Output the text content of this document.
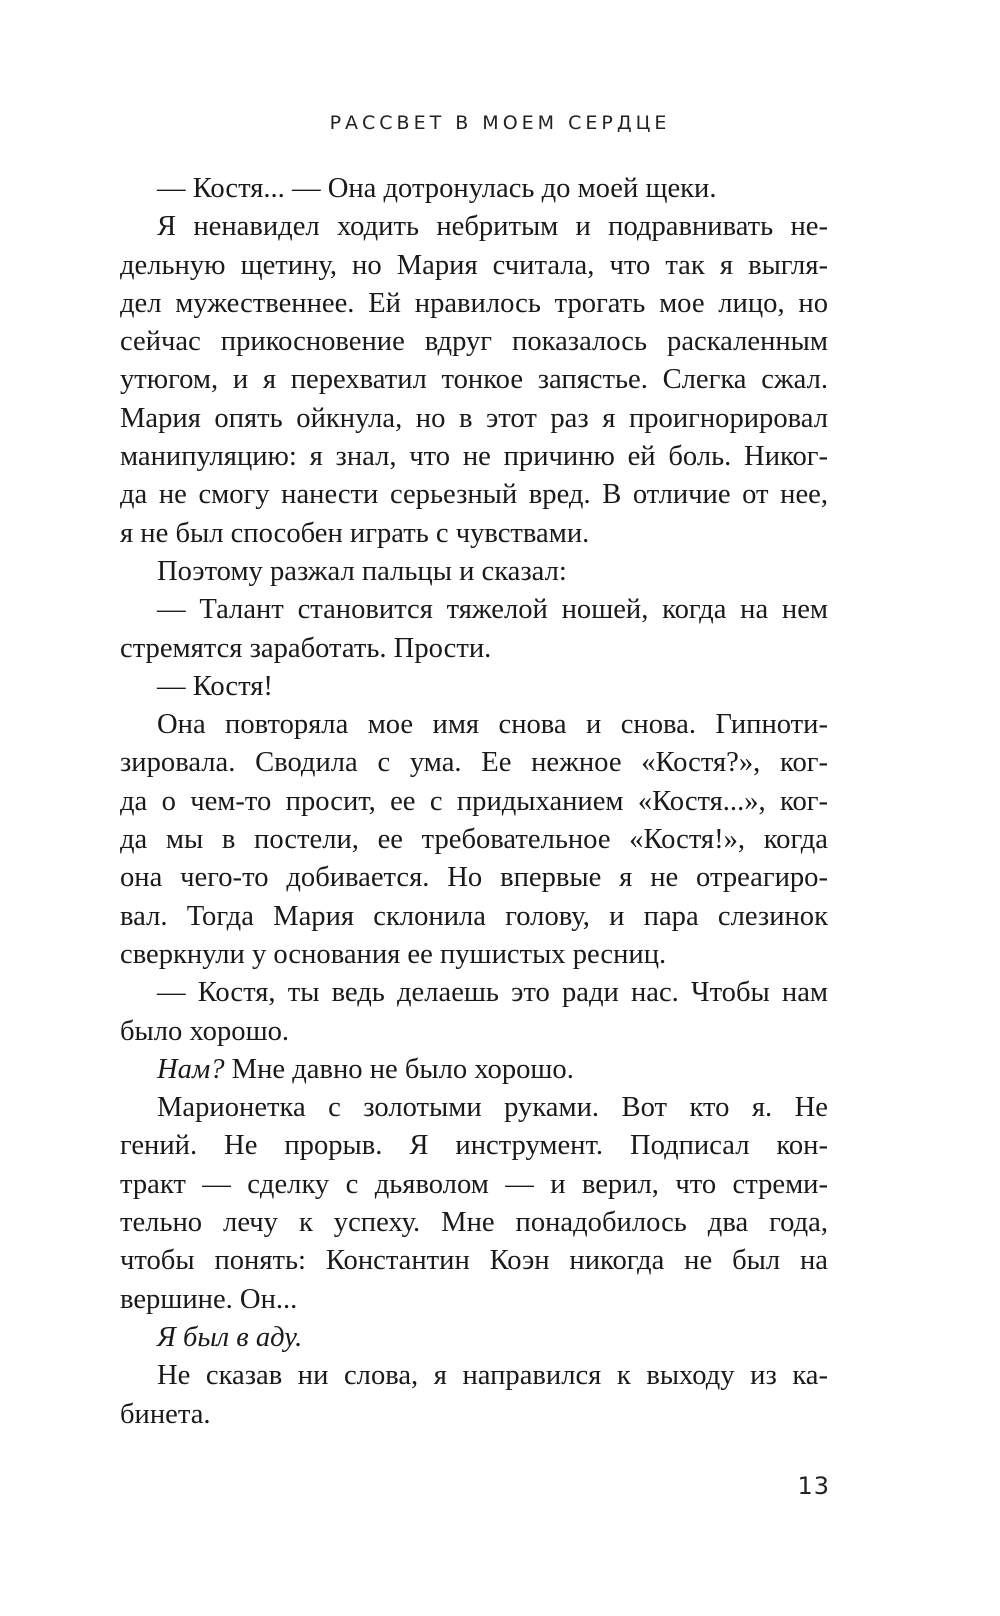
РАССВЕТ В МОЕМ СЕРДЦЕ
— Костя... — Она дотронулась до моей щеки.
Я ненавидел ходить небритым и подравнивать не-
дельную щетину, но Мария считала, что так я выгля-
дел мужественнее. Ей нравилось трогать мое лицо, но
сейчас прикосновение вдруг показалось раскаленным
утюгом, и я перехватил тонкое запястье. Слегка сжал.
Мария опять ойкнула, но в этот раз я проигнорировал
манипуляцию: я знал, что не причиню ей боль. Никог-
да не смогу нанести серьезный вред. В отличие от нее,
я не был способен играть с чувствами.
Поэтому разжал пальцы и сказал:
— Талант становится тяжелой ношей, когда на нем
стремятся заработать. Прости.
— Костя!
Она повторяла мое имя снова и снова. Гипноти-
зировала. Сводила с ума. Ее нежное «Костя?», ког-
да о чем-то просит, ее с придыханием «Костя...», ког-
да мы в постели, ее требовательное «Костя!», когда
она чего-то добивается. Но впервые я не отреагиро-
вал. Тогда Мария склонила голову, и пара слезинок
сверкнули у основания ее пушистых ресниц.
— Костя, ты ведь делаешь это ради нас. Чтобы нам
было хорошо.
Нам? Мне давно не было хорошо.
Марионетка с золотыми руками. Вот кто я. Не
гений. Не прорыв. Я инструмент. Подписал кон-
тракт — сделку с дьяволом — и верил, что стреми-
тельно лечу к успеху. Мне понадобилось два года,
чтобы понять: Константин Коэн никогда не был на
вершине. Он...
Я был в аду.
Не сказав ни слова, я направился к выходу из ка-
бинета.
13
